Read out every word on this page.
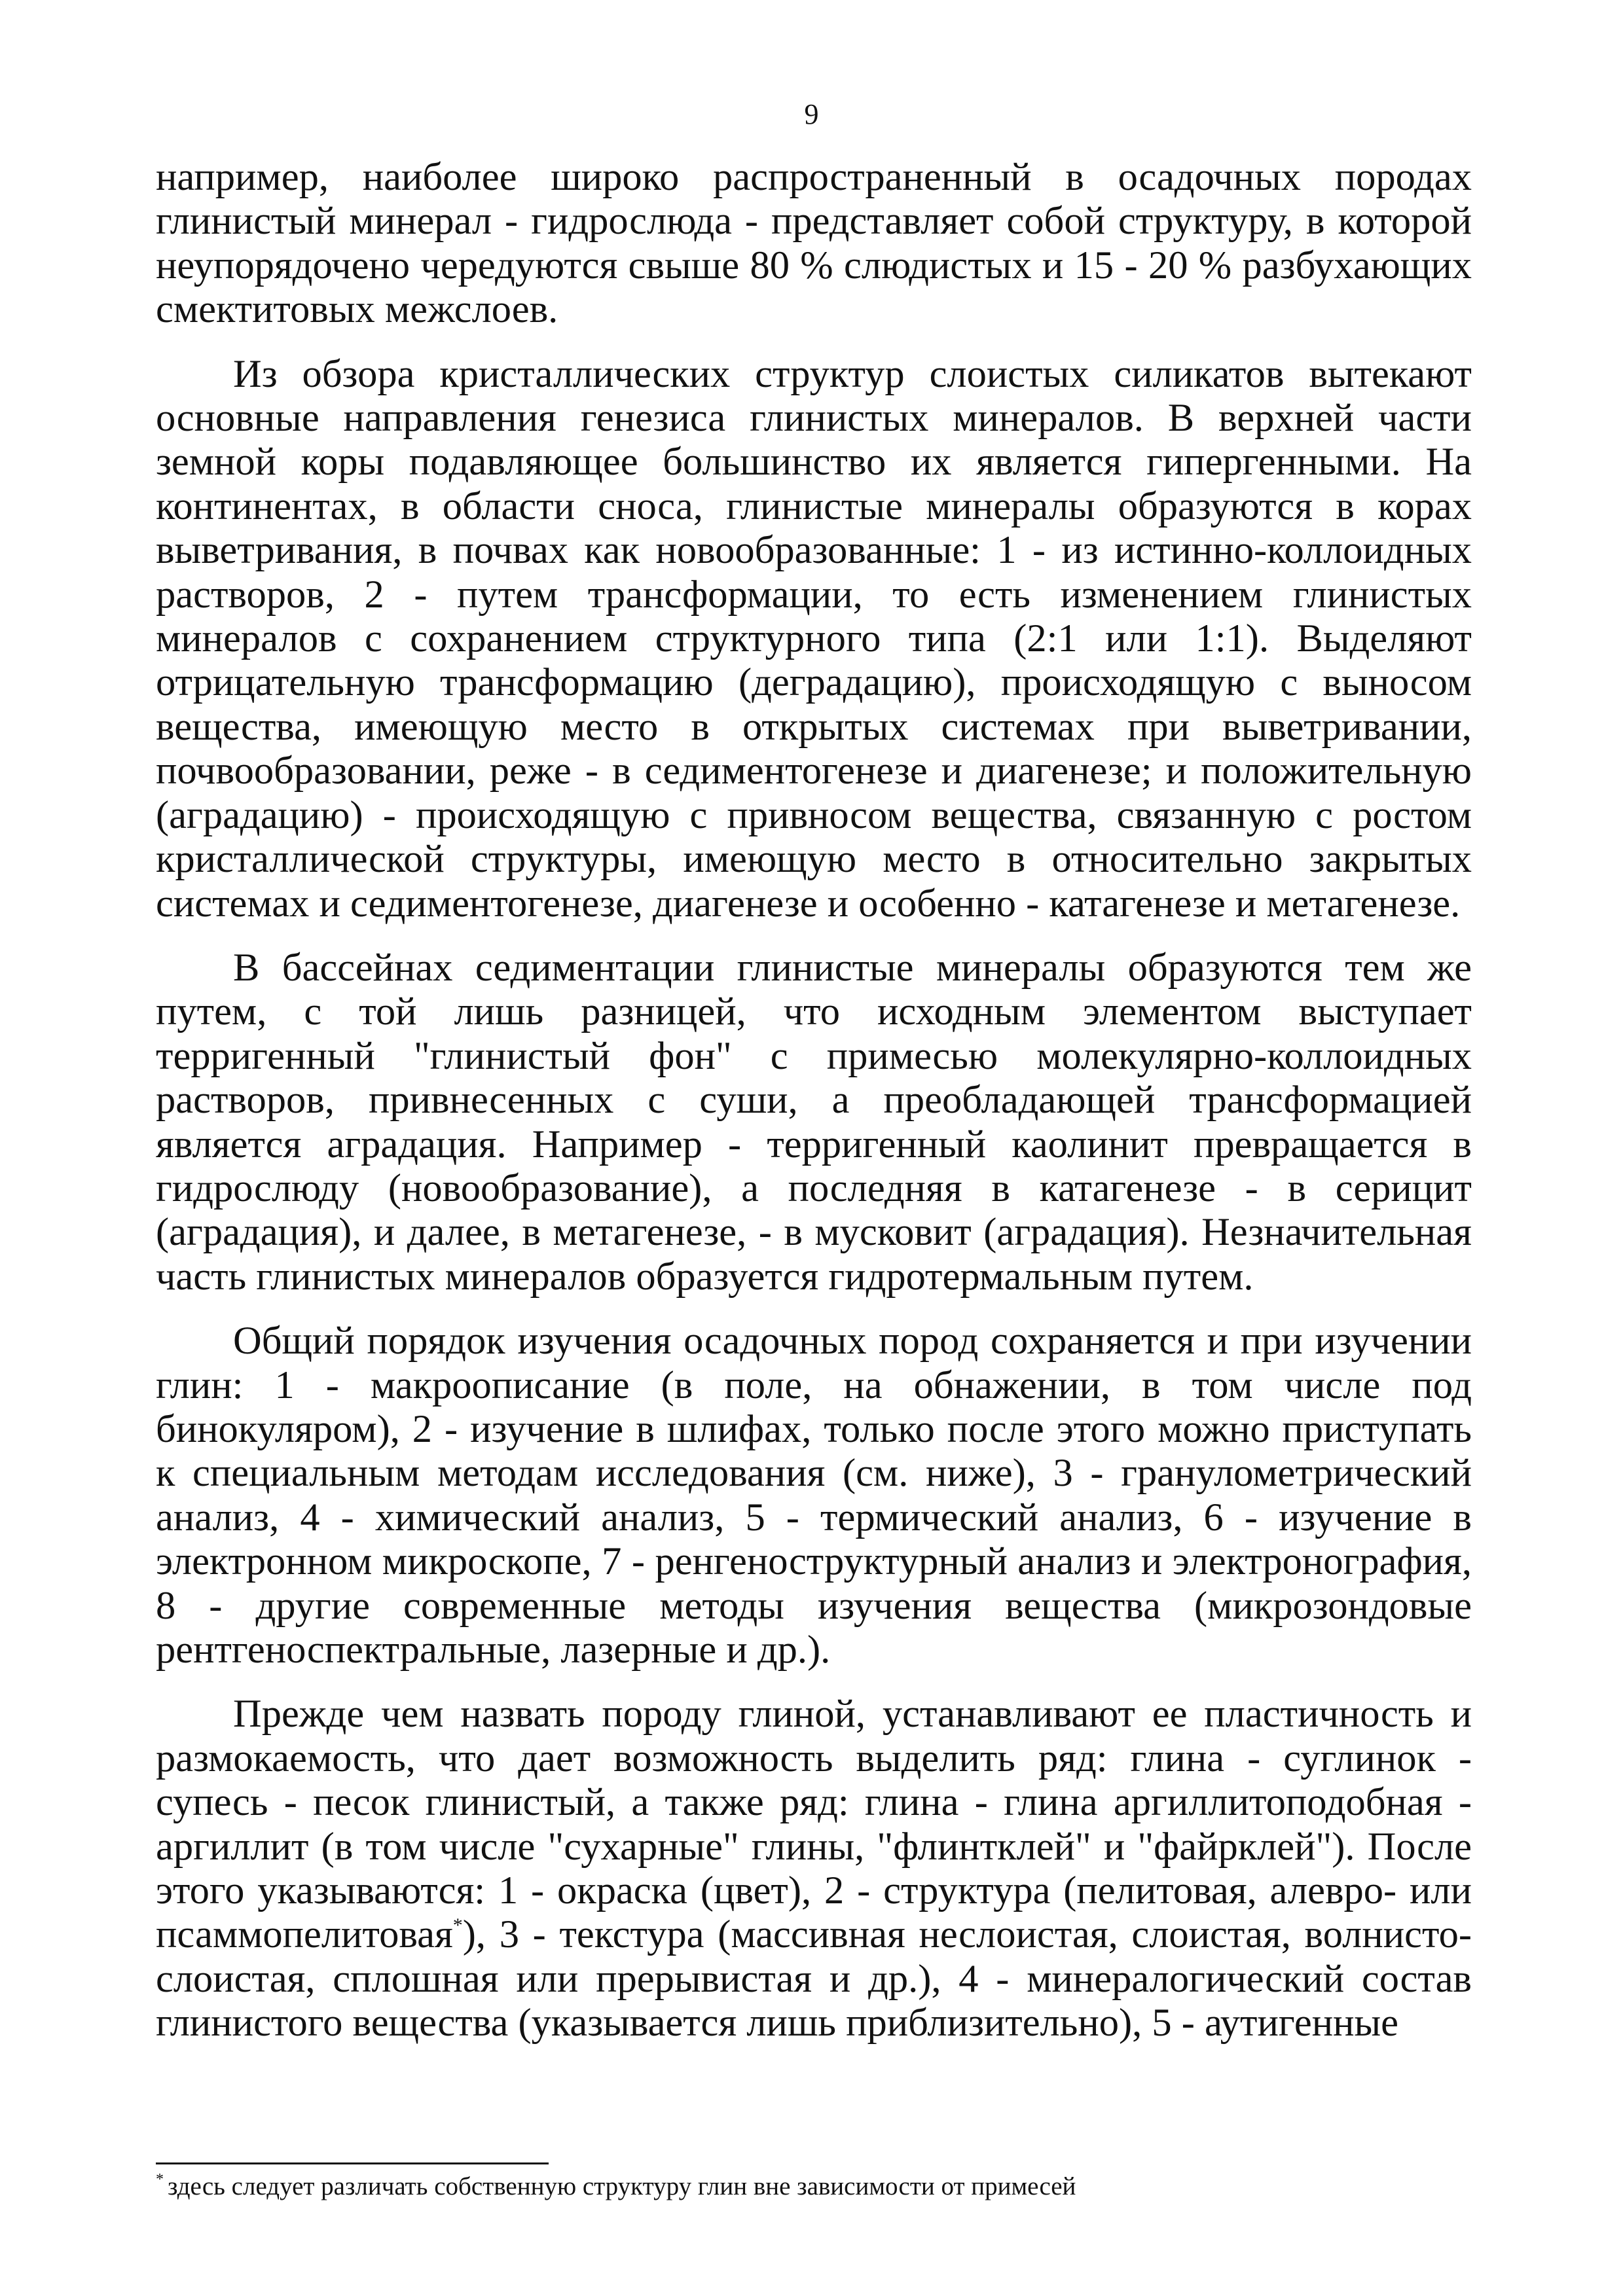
9

например, наиболее широко распространенный в осадочных породах глинистый минерал - гидрослюда - представляет собой структуру, в которой неупорядочено чередуются свыше 80 % слюдистых и 15 - 20 % разбухающих смектитовых межслоев.

Из обзора кристаллических структур слоистых силикатов вытекают основные направления генезиса глинистых минералов. В верхней части земной коры подавляющее большинство их является гипергенными. На континентах, в области сноса, глинистые минералы образуются в корах выветривания, в почвах как новообразованные: 1 - из истинно-коллоидных растворов, 2 - путем трансформации, то есть изменением глинистых минералов с сохранением структурного типа (2:1 или 1:1). Выделяют отрицательную трансформацию (деградацию), происходящую с выносом вещества, имеющую место в открытых системах при выветривании, почвообразовании, реже - в седиментогенезе и диагенезе; и положительную (аградацию) - происходящую с привносом вещества, связанную с ростом кристаллической структуры, имеющую место в относительно закрытых системах и седиментогенезе, диагенезе и особенно - катагенезе и метагенезе.

В бассейнах седиментации глинистые минералы образуются тем же путем, с той лишь разницей, что исходным элементом выступает терригенный "глинистый фон" с примесью молекулярно-коллоидных растворов, привнесенных с суши, а преобладающей трансформацией является аградация. Например - терригенный каолинит превращается в гидрослюду (новообразование), а последняя в катагенезе - в серицит (аградация), и далее, в метагенезе, - в мусковит (аградация). Незначительная часть глинистых минералов образуется гидротермальным путем.

Общий порядок изучения осадочных пород сохраняется и при изучении глин: 1 - макроописание (в поле, на обнажении, в том числе под бинокуляром), 2 - изучение в шлифах, только после этого можно приступать к специальным методам исследования (см. ниже), 3 - гранулометрический анализ, 4 - химический анализ, 5 - термический анализ, 6 - изучение в электронном микроскопе, 7 - ренгеноструктурный анализ и электронография, 8 - другие современные методы изучения вещества (микрозондовые рентгеноспектральные, лазерные и др.).

Прежде чем назвать породу глиной, устанавливают ее пластичность и размокаемость, что дает возможность выделить ряд: глина - суглинок - супесь - песок глинистый, а также ряд: глина - глина аргиллитоподобная - аргиллит (в том числе "сухарные" глины, "флинтклей" и "файрклей"). После этого указываются: 1 - окраска (цвет), 2 - структура (пелитовая, алевро- или псаммопелитовая*), 3 - текстура (массивная неслоистая, слоистая, волнисто-слоистая, сплошная или прерывистая и др.), 4 - минералогический состав глинистого вещества (указывается лишь приблизительно), 5 - аутигенные

* здесь следует различать собственную структуру глин вне зависимости от примесей
